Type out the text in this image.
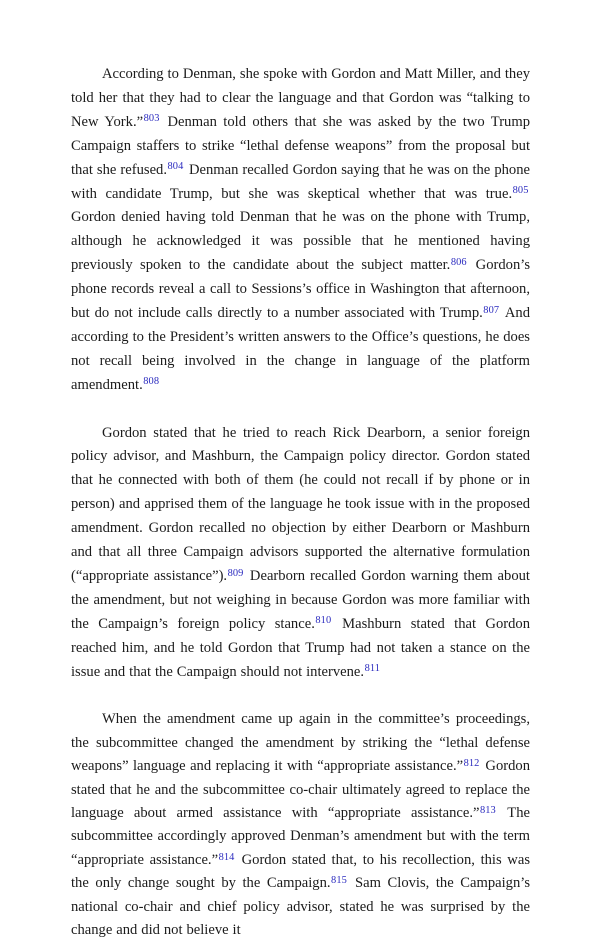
According to Denman, she spoke with Gordon and Matt Miller, and they told her that they had to clear the language and that Gordon was “talking to New York.”$^{803}$ Denman told others that she was asked by the two Trump Campaign staffers to strike “lethal defense weapons” from the proposal but that she refused.$^{804}$ Denman recalled Gordon saying that he was on the phone with candidate Trump, but she was skeptical whether that was true.$^{805}$ Gordon denied having told Denman that he was on the phone with Trump, although he acknowledged it was possible that he mentioned having previously spoken to the candidate about the subject matter.$^{806}$ Gordon’s phone records reveal a call to Sessions’s office in Washington that afternoon, but do not include calls directly to a number associated with Trump.$^{807}$ And according to the President’s written answers to the Office’s questions, he does not recall being involved in the change in language of the platform amendment.$^{808}$

Gordon stated that he tried to reach Rick Dearborn, a senior foreign policy advisor, and Mashburn, the Campaign policy director. Gordon stated that he connected with both of them (he could not recall if by phone or in person) and apprised them of the language he took issue with in the proposed amendment. Gordon recalled no objection by either Dearborn or Mashburn and that all three Campaign advisors supported the alternative formulation (“appropriate assistance”).$^{809}$ Dearborn recalled Gordon warning them about the amendment, but not weighing in because Gordon was more familiar with the Campaign’s foreign policy stance.$^{810}$ Mashburn stated that Gordon reached him, and he told Gordon that Trump had not taken a stance on the issue and that the Campaign should not intervene.$^{811}$

When the amendment came up again in the committee’s proceedings, the subcommittee changed the amendment by striking the “lethal defense weapons” language and replacing it with “appropriate assistance.”$^{812}$ Gordon stated that he and the subcommittee co-chair ultimately agreed to replace the language about armed assistance with “appropriate assistance.”$^{813}$ The subcommittee accordingly approved Denman’s amendment but with the term “appropriate assistance.”$^{814}$ Gordon stated that, to his recollection, this was the only change sought by the Campaign.$^{815}$ Sam Clovis, the Campaign’s national co-chair and chief policy advisor, stated he was surprised by the change and did not believe it
